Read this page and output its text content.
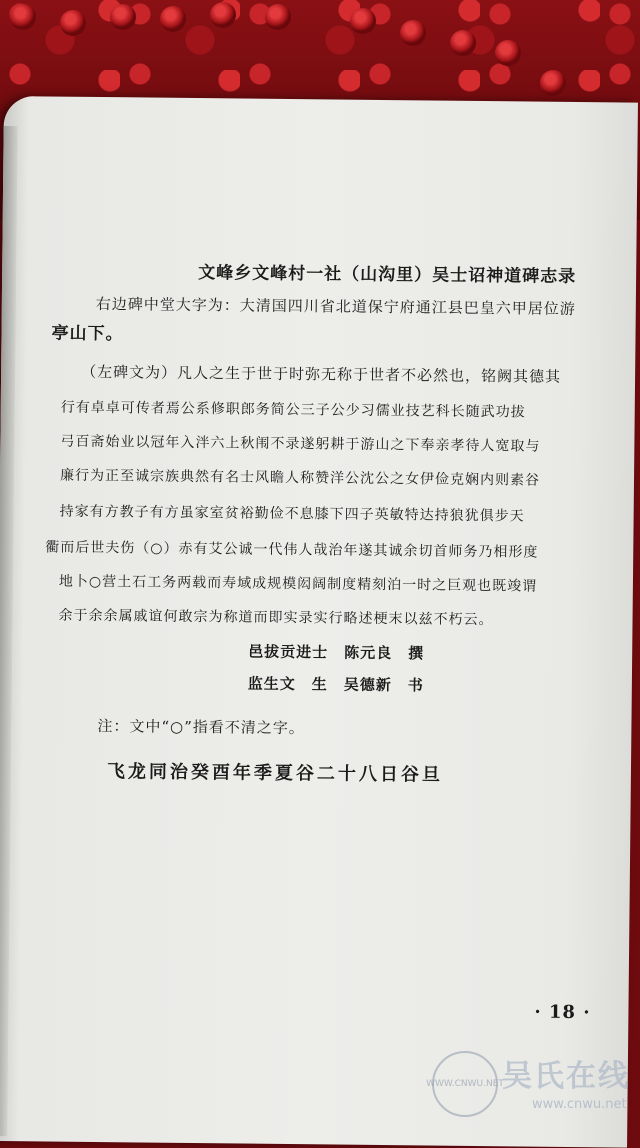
文峰乡文峰村一社（山沟里）吴士诏神道碑志录
右边碑中堂大字为：大清国四川省北道保宁府通江县巴皇六甲居位游
亭山下。
（左碑文为）凡人之生于世于时弥无称于世者不必然也，铭阙其德其
行有卓卓可传者焉公系修职郎务简公三子公少习儒业技艺科长随武功拔
弓百斋始业以冠年入泮六上秋闱不录遂躬耕于游山之下奉亲孝待人宽取与
廉行为正至诚宗族典然有名士风瞻人称赞洋公沈公之女伊俭克娴内则素谷
持家有方教子有方虽家室贫裕勤俭不息膝下四子英敏特达持狼犹俱步天
衢而后世夫伤（○）赤有艾公诚一代伟人哉治年遂其诚余切首师务乃相形度
地卜○营土石工务两载而寿域成规模闳阔制度精刻泊一时之巨观也既竣谓
余于余余属戚谊何敢宗为称道而即实录实行略述梗末以兹不朽云。
邑拔贡进士　陈元良　撰
监生文　生　吴德新　书
注：文中“○”指看不清之字。
飞龙同治癸酉年季夏谷二十八日谷旦
· 18 ·
WWW.CNWU.NET
吴氏在线
www.cnwu.net
